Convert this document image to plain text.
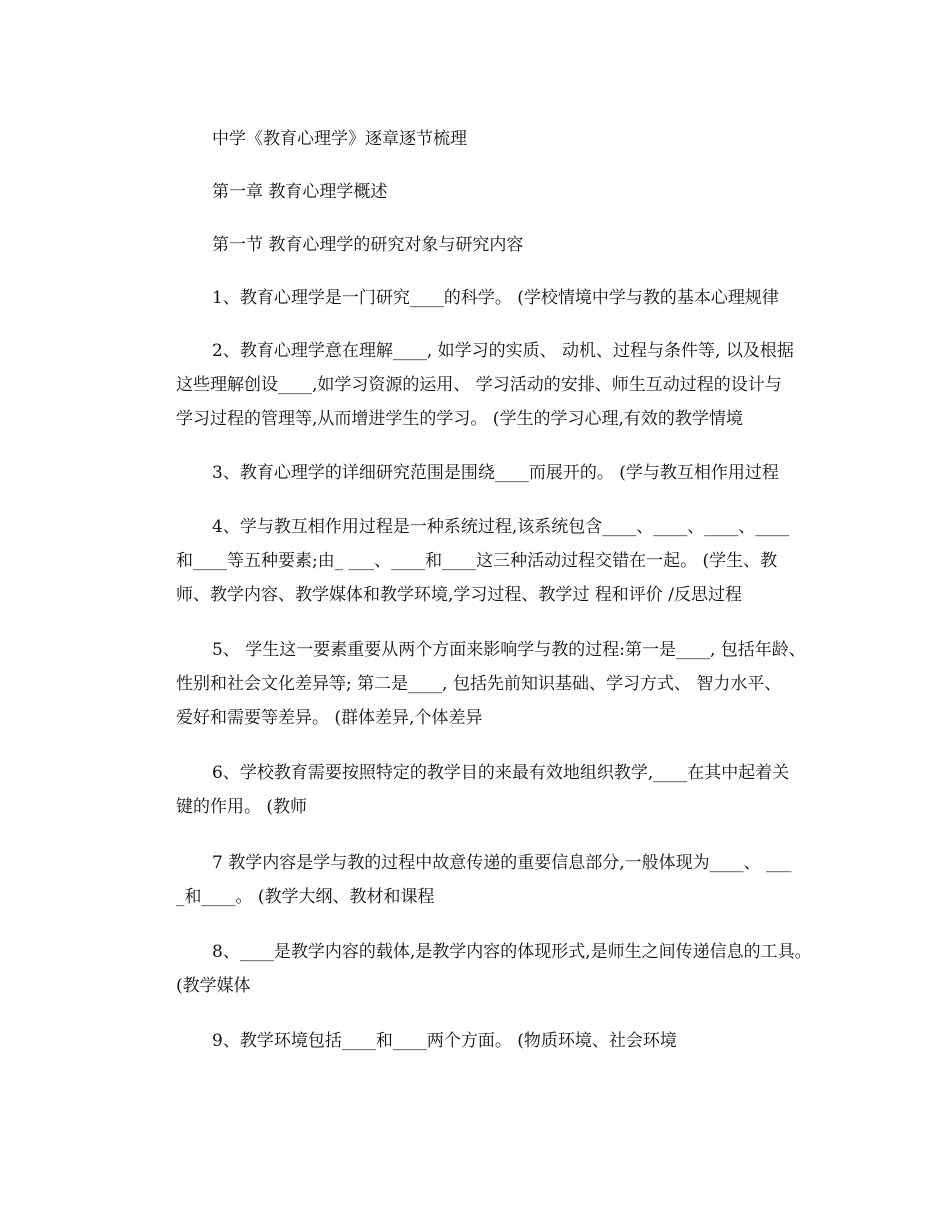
中学《教育心理学》逐章逐节梳理
第一章 教育心理学概述
第一节 教育心理学的研究对象与研究内容
1、教育心理学是一门研究____的科学。 (学校情境中学与教的基本心理规律
2、教育心理学意在理解____, 如学习的实质、 动机、过程与条件等, 以及根据
这些理解创设____,如学习资源的运用、 学习活动的安排、师生互动过程的设计与
学习过程的管理等,从而增进学生的学习。 (学生的学习心理,有效的教学情境
3、教育心理学的详细研究范围是围绕____而展开的。 (学与教互相作用过程
4、学与教互相作用过程是一种系统过程,该系统包含____、____、____、____
和____等五种要素;由_ ___、____和____这三种活动过程交错在一起。 (学生、教
师、教学内容、教学媒体和教学环境,学习过程、教学过 程和评价 /反思过程
5、 学生这一要素重要从两个方面来影响学与教的过程:第一是____, 包括年龄、
性别和社会文化差异等; 第二是____, 包括先前知识基础、学习方式、 智力水平、
爱好和需要等差异。 (群体差异,个体差异
6、学校教育需要按照特定的教学目的来最有效地组织教学,____在其中起着关
键的作用。 (教师
7 教学内容是学与教的过程中故意传递的重要信息部分,一般体现为____、 ___
_和____。 (教学大纲、教材和课程
8、____是教学内容的载体,是教学内容的体现形式,是师生之间传递信息的工具。
(教学媒体
9、教学环境包括____和____两个方面。 (物质环境、社会环境
